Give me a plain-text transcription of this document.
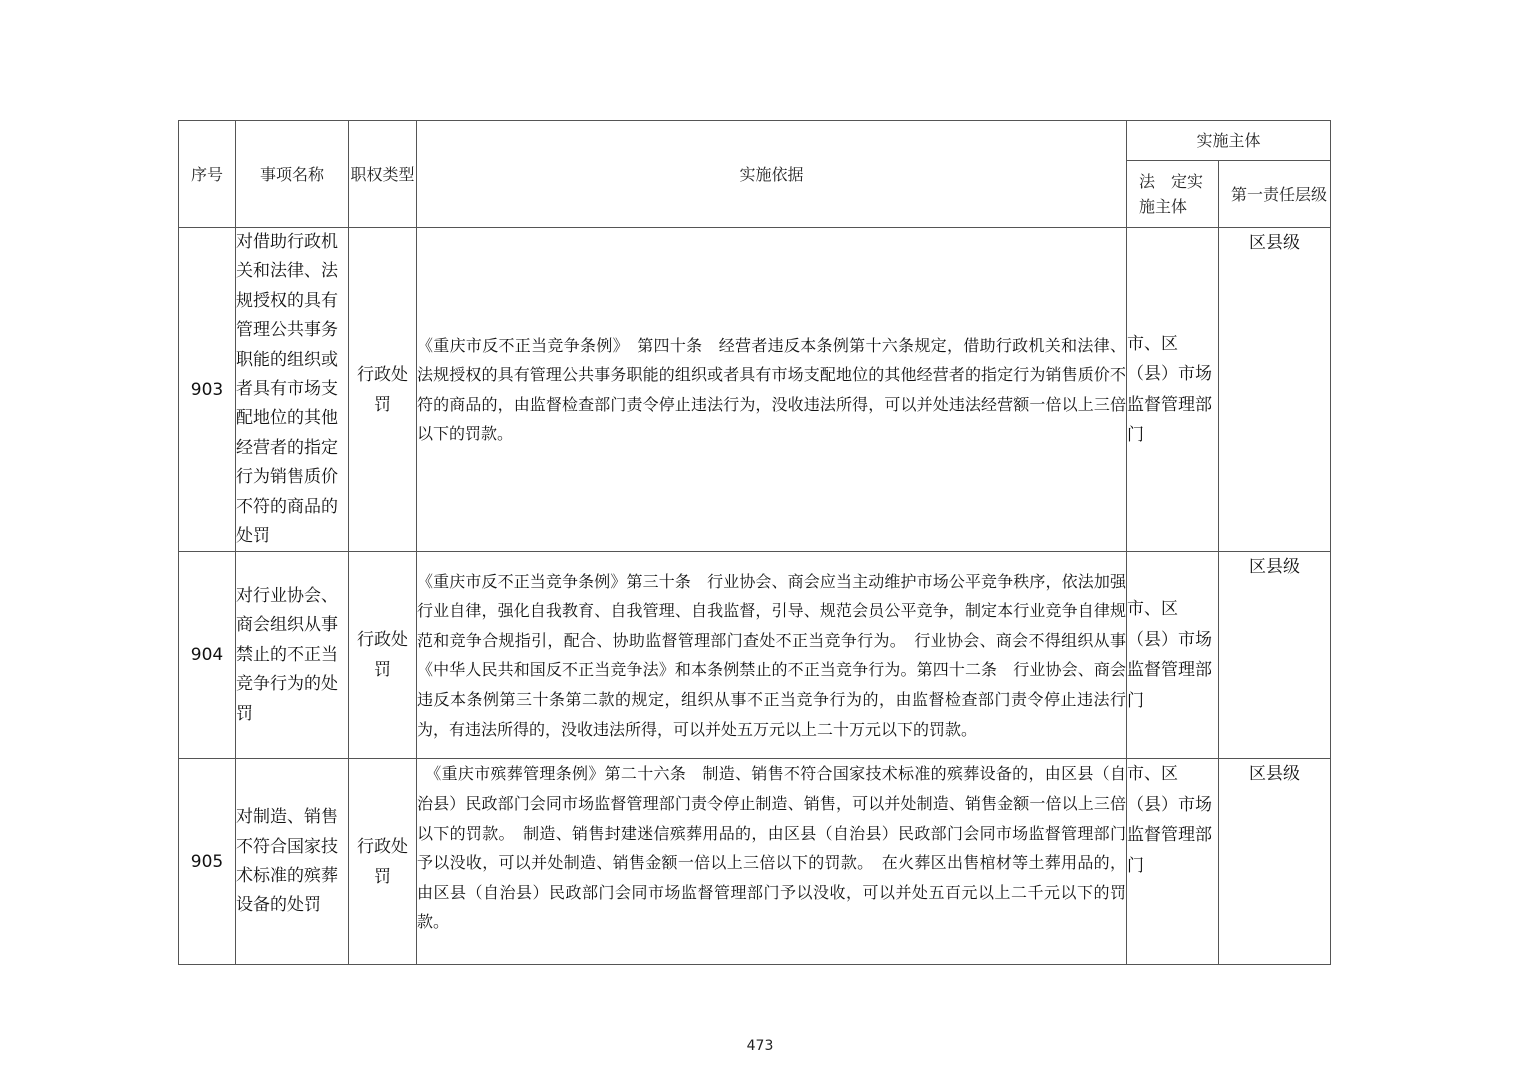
序号	事项名称	职权类型	实施依据	实施主体	
				法　定实施主体	第一责任层级
903	对借助行政机关和法律、法规授权的具有管理公共事务职能的组织或者具有市场支配地位的其他经营者的指定行为销售质价不符的商品的处罚	行政处罚	《重庆市反不正当竞争条例》　第四十条　经营者违反本条例第十六条规定，借助行政机关和法律、法规授权的具有管理公共事务职能的组织或者具有市场支配地位的其他经营者的指定行为销售质价不符的商品的，由监督检查部门责令停止违法行为，没收违法所得，可以并处违法经营额一倍以上三倍以下的罚款。	市、区（县）市场监督管理部门	区县级
904	对行业协会、商会组织从事禁止的不正当竞争行为的处罚	行政处罚	《重庆市反不正当竞争条例》第三十条　行业协会、商会应当主动维护市场公平竞争秩序，依法加强行业自律，强化自我教育、自我管理、自我监督，引导、规范会员公平竞争，制定本行业竞争自律规范和竞争合规指引，配合、协助监督管理部门查处不正当竞争行为。　行业协会、商会不得组织从事《中华人民共和国反不正当竞争法》和本条例禁止的不正当竞争行为。第四十二条　行业协会、商会违反本条例第三十条第二款的规定，组织从事不正当竞争行为的，由监督检查部门责令停止违法行为，有违法所得的，没收违法所得，可以并处五万元以上二十万元以下的罚款。	市、区（县）市场监督管理部门	区县级
905	对制造、销售不符合国家技术标准的殡葬设备的处罚	行政处罚	　《重庆市殡葬管理条例》第二十六条　制造、销售不符合国家技术标准的殡葬设备的，由区县（自治县）民政部门会同市场监督管理部门责令停止制造、销售，可以并处制造、销售金额一倍以上三倍以下的罚款。　制造、销售封建迷信殡葬用品的，由区县（自治县）民政部门会同市场监督管理部门予以没收，可以并处制造、销售金额一倍以上三倍以下的罚款。　在火葬区出售棺材等土葬用品的，由区县（自治县）民政部门会同市场监督管理部门予以没收，可以并处五百元以上二千元以下的罚款。	市、区（县）市场监督管理部门	区县级
473
